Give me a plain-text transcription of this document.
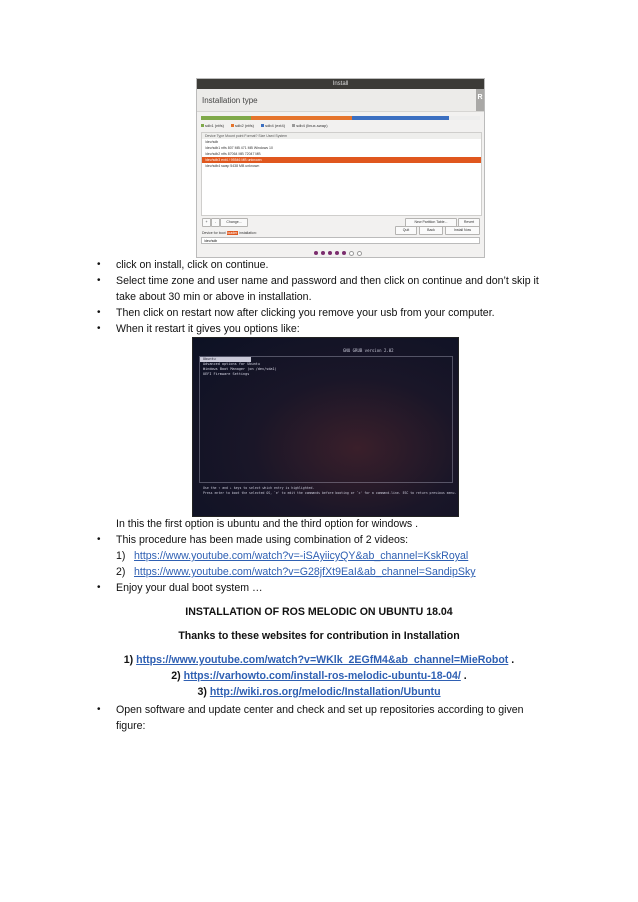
Install
Installation type	R
sdb1 (ntfs)	sdb2 (ntfs)	sdb4 (ext4)	sdb4 (linux-swap)
Device Type Mount point Format? Size Used System
/dev/sdb
/dev/sdb1 ntfs 807 MB 471 MB Windows 10
/dev/sdb2 ntfs 87064 MB 72047 MB
/dev/sdb3 ext4 / 95546 MB unknown
/dev/sdb4 swap 5438 MB unknown
+	-	Change...	New Partition Table...	Revert
Device for boot loader installation:
/dev/sdb
Quit	Back	Install Now
• click on install, click on continue.
• Select time zone and user name and password and then click on continue and don’t skip it
take about 30 min or above in installation.
• Then click on restart now after clicking you remove your usb from your computer.
• When it restart it gives you options like:
GNU GRUB version 2.02
Ubuntu
Advanced options for Ubuntu
Windows Boot Manager (on /dev/sda1)
UEFI Firmware Settings
Use the ↑ and ↓ keys to select which entry is highlighted.
Press enter to boot the selected OS, `e' to edit the commands before booting or `c' for a command-line. ESC to return previous menu.
In this the first option is ubuntu and the third option for windows .
• This procedure has been made using combination of 2 videos:
1) https://www.youtube.com/watch?v=-iSAyiicyQY&ab_channel=KskRoyal
2) https://www.youtube.com/watch?v=G28jfXt9EaI&ab_channel=SandipSky
• Enjoy your dual boot system …
INSTALLATION OF ROS MELODIC ON UBUNTU 18.04
Thanks to these websites for contribution in Installation
1) https://www.youtube.com/watch?v=WKlk_2EGfM4&ab_channel=MieRobot .
2) https://varhowto.com/install-ros-melodic-ubuntu-18-04/ .
3) http://wiki.ros.org/melodic/Installation/Ubuntu
• Open software and update center and check and set up repositories according to given
figure:
